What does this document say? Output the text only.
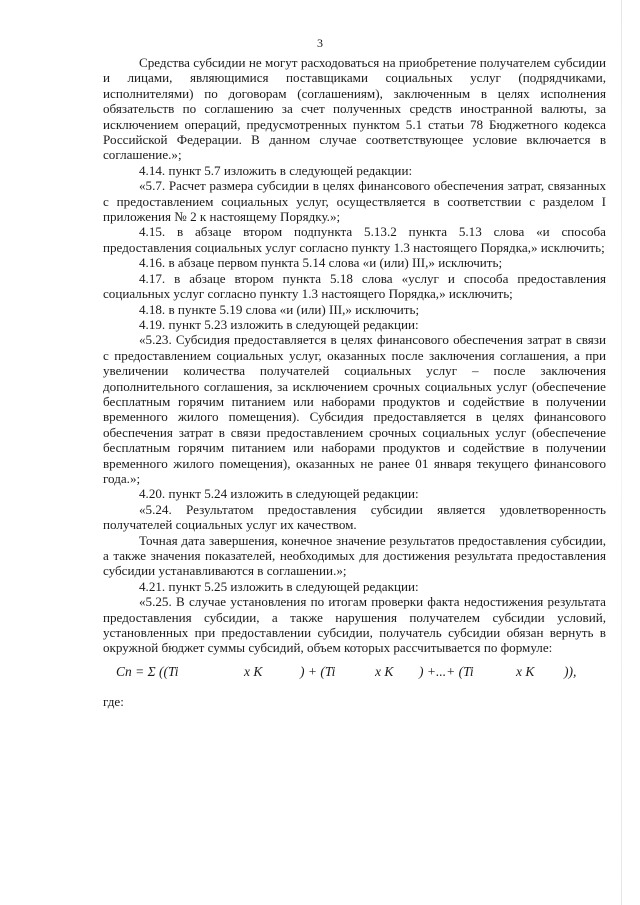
3

Средства субсидии не могут расходоваться на приобретение получателем субсидии и лицами, являющимися поставщиками социальных услуг (подрядчиками, исполнителями) по договорам (соглашениям), заключенным в целях исполнения обязательств по соглашению за счет полученных средств иностранной валюты, за исключением операций, предусмотренных пунктом 5.1 статьи 78 Бюджетного кодекса Российской Федерации. В данном случае соответствующее условие включается в соглашение.»;

4.14. пункт 5.7 изложить в следующей редакции:

«5.7. Расчет размера субсидии в целях финансового обеспечения затрат, связанных с предоставлением социальных услуг, осуществляется в соответствии с разделом I приложения № 2 к настоящему Порядку.»;

4.15. в абзаце втором подпункта 5.13.2 пункта 5.13 слова «и способа предоставления социальных услуг согласно пункту 1.3 настоящего Порядка,» исключить;

4.16. в абзаце первом пункта 5.14 слова «и (или) III,» исключить;

4.17. в абзаце втором пункта 5.18 слова «услуг и способа предоставления социальных услуг согласно пункту 1.3 настоящего Порядка,» исключить;

4.18. в пункте 5.19 слова «и (или) III,» исключить;

4.19. пункт 5.23 изложить в следующей редакции:

«5.23. Субсидия предоставляется в целях финансового обеспечения затрат в связи с предоставлением социальных услуг, оказанных после заключения соглашения, а при увеличении количества получателей социальных услуг – после заключения дополнительного соглашения, за исключением срочных социальных услуг (обеспечение бесплатным горячим питанием или наборами продуктов и содействие в получении временного жилого помещения). Субсидия предоставляется в целях финансового обеспечения затрат в связи предоставлением срочных социальных услуг (обеспечение бесплатным горячим питанием или наборами продуктов и содействие в получении временного жилого помещения), оказанных не ранее 01 января текущего финансового года.»;

4.20. пункт 5.24 изложить в следующей редакции:

«5.24. Результатом предоставления субсидии является удовлетворенность получателей социальных услуг их качеством.

Точная дата завершения, конечное значение результатов предоставления субсидии, а также значения показателей, необходимых для достижения результата предоставления субсидии устанавливаются в соглашении.»;

4.21. пункт 5.25 изложить в следующей редакции:

«5.25. В случае установления по итогам проверки факта недостижения результата предоставления субсидии, а также нарушения получателем субсидии условий, установленных при предоставлении субсидии, получатель субсидии обязан вернуть в окружной бюджет суммы субсидий, объем которых рассчитывается по формуле:

Сп = Σ ((Ti	x K	) + (Ti	x K ) +...+ (Ti	x K )),
где:
